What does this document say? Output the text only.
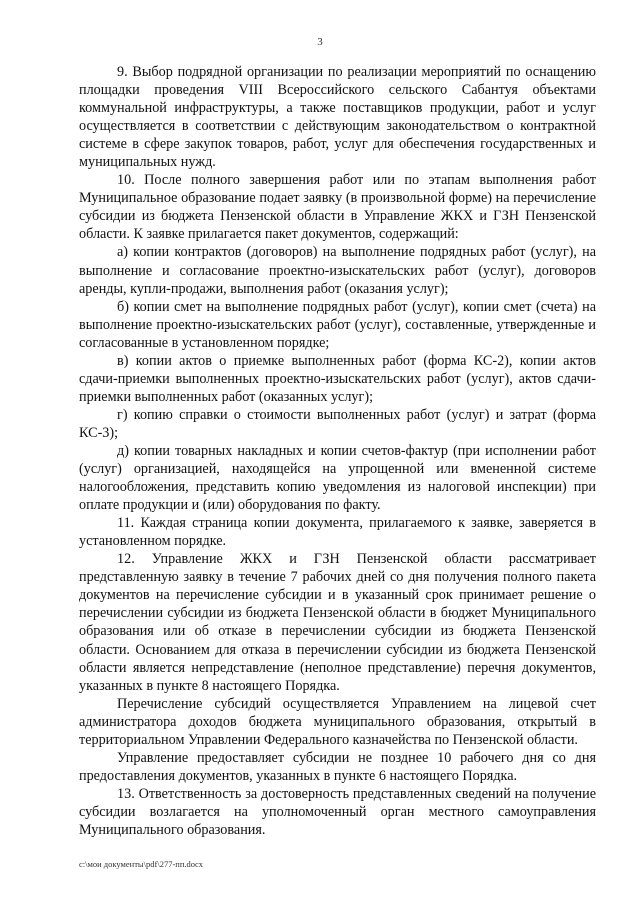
3

9. Выбор подрядной организации по реализации мероприятий по оснащению площадки проведения VIII Всероссийского сельского Сабантуя объектами коммунальной инфраструктуры, а также поставщиков продукции, работ и услуг осуществляется в соответствии с действующим законодательством о контрактной системе в сфере закупок товаров, работ, услуг для обеспечения государственных и муниципальных нужд.

10. После полного завершения работ или по этапам выполнения работ Муниципальное образование подает заявку (в произвольной форме) на перечисление субсидии из бюджета Пензенской области в Управление ЖКХ и ГЗН Пензенской области. К заявке прилагается пакет документов, содержащий:

а) копии контрактов (договоров) на выполнение подрядных работ (услуг), на выполнение и согласование проектно-изыскательских работ (услуг), договоров аренды, купли-продажи, выполнения работ (оказания услуг);

б) копии смет на выполнение подрядных работ (услуг), копии смет (счета) на выполнение проектно-изыскательских работ (услуг), составленные, утвержденные и согласованные в установленном порядке;

в) копии актов о приемке выполненных работ (форма КС-2), копии актов сдачи-приемки выполненных проектно-изыскательских работ (услуг), актов сдачи-приемки выполненных работ (оказанных услуг);

г) копию справки о стоимости выполненных работ (услуг) и затрат (форма КС-3);

д) копии товарных накладных и копии счетов-фактур (при исполнении работ (услуг) организацией, находящейся на упрощенной или вмененной системе налогообложения, представить копию уведомления из налоговой инспекции) при оплате продукции и (или) оборудования по факту.

11. Каждая страница копии документа, прилагаемого к заявке, заверяется в установленном порядке.

12. Управление ЖКХ и ГЗН Пензенской области рассматривает представленную заявку в течение 7 рабочих дней со дня получения полного пакета документов на перечисление субсидии и в указанный срок принимает решение о перечислении субсидии из бюджета Пензенской области в бюджет Муниципального образования или об отказе в перечислении субсидии из бюджета Пензенской области. Основанием для отказа в перечислении субсидии из бюджета Пензенской области является непредставление (неполное представление) перечня документов, указанных в пункте 8 настоящего Порядка.

Перечисление субсидий осуществляется Управлением на лицевой счет администратора доходов бюджета муниципального образования, открытый в территориальном Управлении Федерального казначейства по Пензенской области.

Управление предоставляет субсидии не позднее 10 рабочего дня со дня предоставления документов, указанных в пункте 6 настоящего Порядка.

13. Ответственность за достоверность представленных сведений на получение субсидии возлагается на уполномоченный орган местного самоуправления Муниципального образования.

c:\мои документы\pdf\277-пп.docx
